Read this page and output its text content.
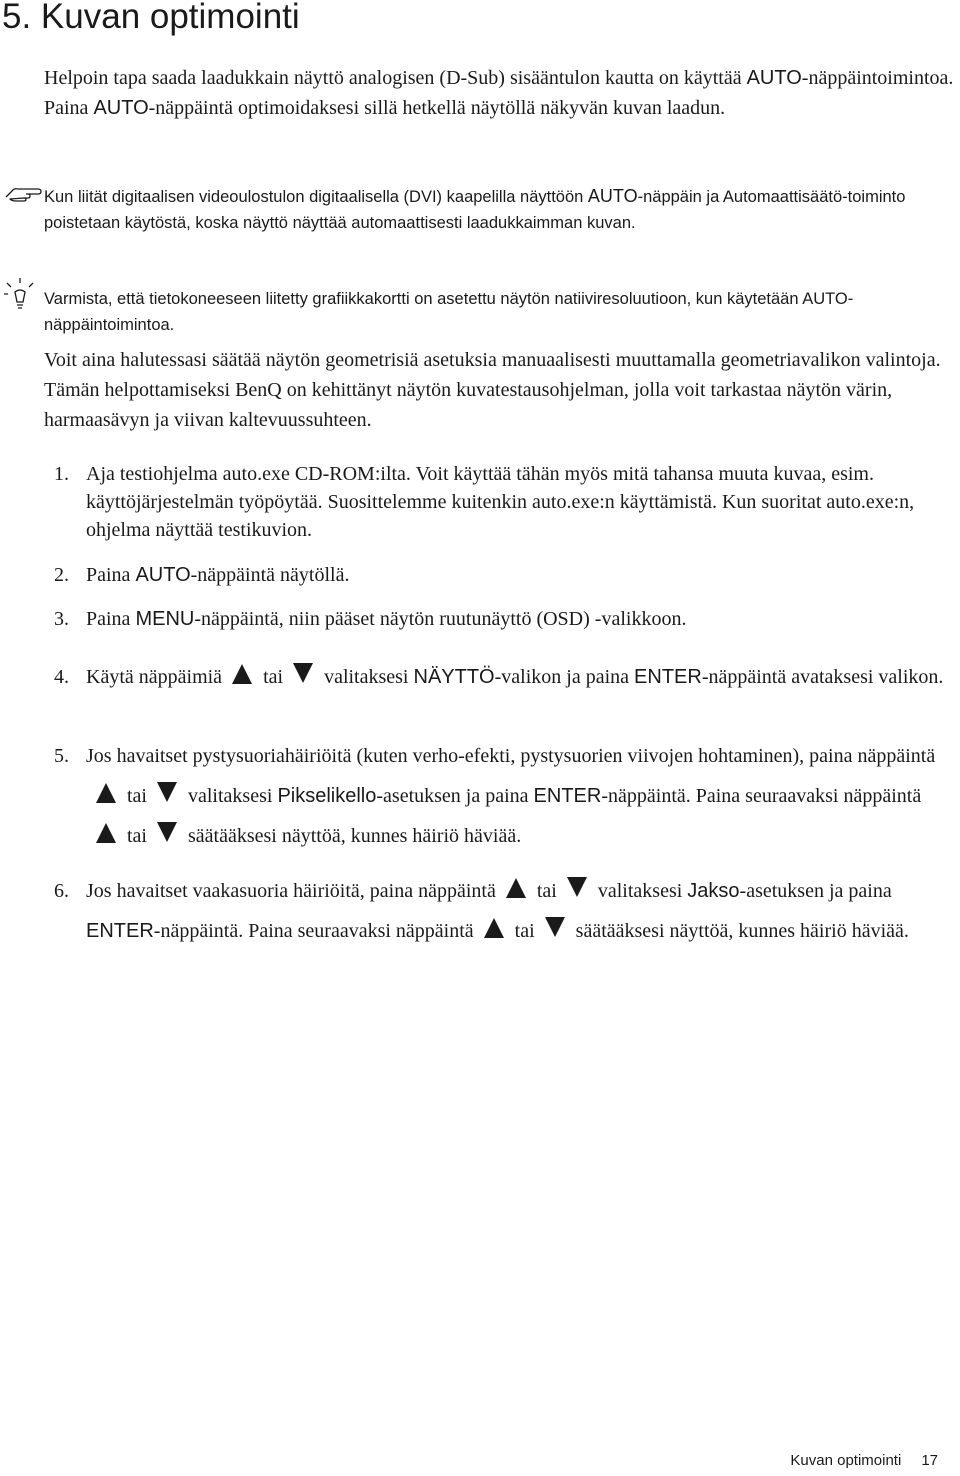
5. Kuvan optimointi

Helpoin tapa saada laadukkain näyttö analogisen (D-Sub) sisääntulon kautta on käyttää AUTO-näppäintoimintoa. Paina AUTO-näppäintä optimoidaksesi sillä hetkellä näytöllä näkyvän kuvan laadun.

Kun liität digitaalisen videoulostulon digitaalisella (DVI) kaapelilla näyttöön AUTO-näppäin ja Automaattisäätö-toiminto poistetaan käytöstä, koska näyttö näyttää automaattisesti laadukkaimman kuvan.

Varmista, että tietokoneeseen liitetty grafiikkakortti on asetettu näytön natiiviresoluutioon, kun käytetään AUTO-näppäintoimintoa.

Voit aina halutessasi säätää näytön geometrisiä asetuksia manuaalisesti muuttamalla geometriavalikon valintoja. Tämän helpottamiseksi BenQ on kehittänyt näytön kuvatestausohjelman, jolla voit tarkastaa näytön värin, harmaasävyn ja viivan kaltevuussuhteen.

1. Aja testiohjelma auto.exe CD-ROM:ilta. Voit käyttää tähän myös mitä tahansa muuta kuvaa, esim. käyttöjärjestelmän työpöytää. Suosittelemme kuitenkin auto.exe:n käyttämistä. Kun suoritat auto.exe:n, ohjelma näyttää testikuvion.
2. Paina AUTO-näppäintä näytöllä.
3. Paina MENU-näppäintä, niin pääset näytön ruutunäyttö (OSD) -valikkoon.
4. Käytä näppäimiä tai valitaksesi NÄYTTÖ-valikon ja paina ENTER-näppäintä avataksesi valikon.
5. Jos havaitset pystysuoriahäiriöitä (kuten verho-efekti, pystysuorien viivojen hohtaminen), paina näppäintä tai valitaksesi Pikselikello-asetuksen ja paina ENTER-näppäintä. Paina seuraavaksi näppäintä tai säätääksesi näyttöä, kunnes häiriö häviää.
6. Jos havaitset vaakasuoria häiriöitä, paina näppäintä tai valitaksesi Jakso-asetuksen ja paina ENTER-näppäintä. Paina seuraavaksi näppäintä tai säätääksesi näyttöä, kunnes häiriö häviää.
Kuvan optimointi 17
